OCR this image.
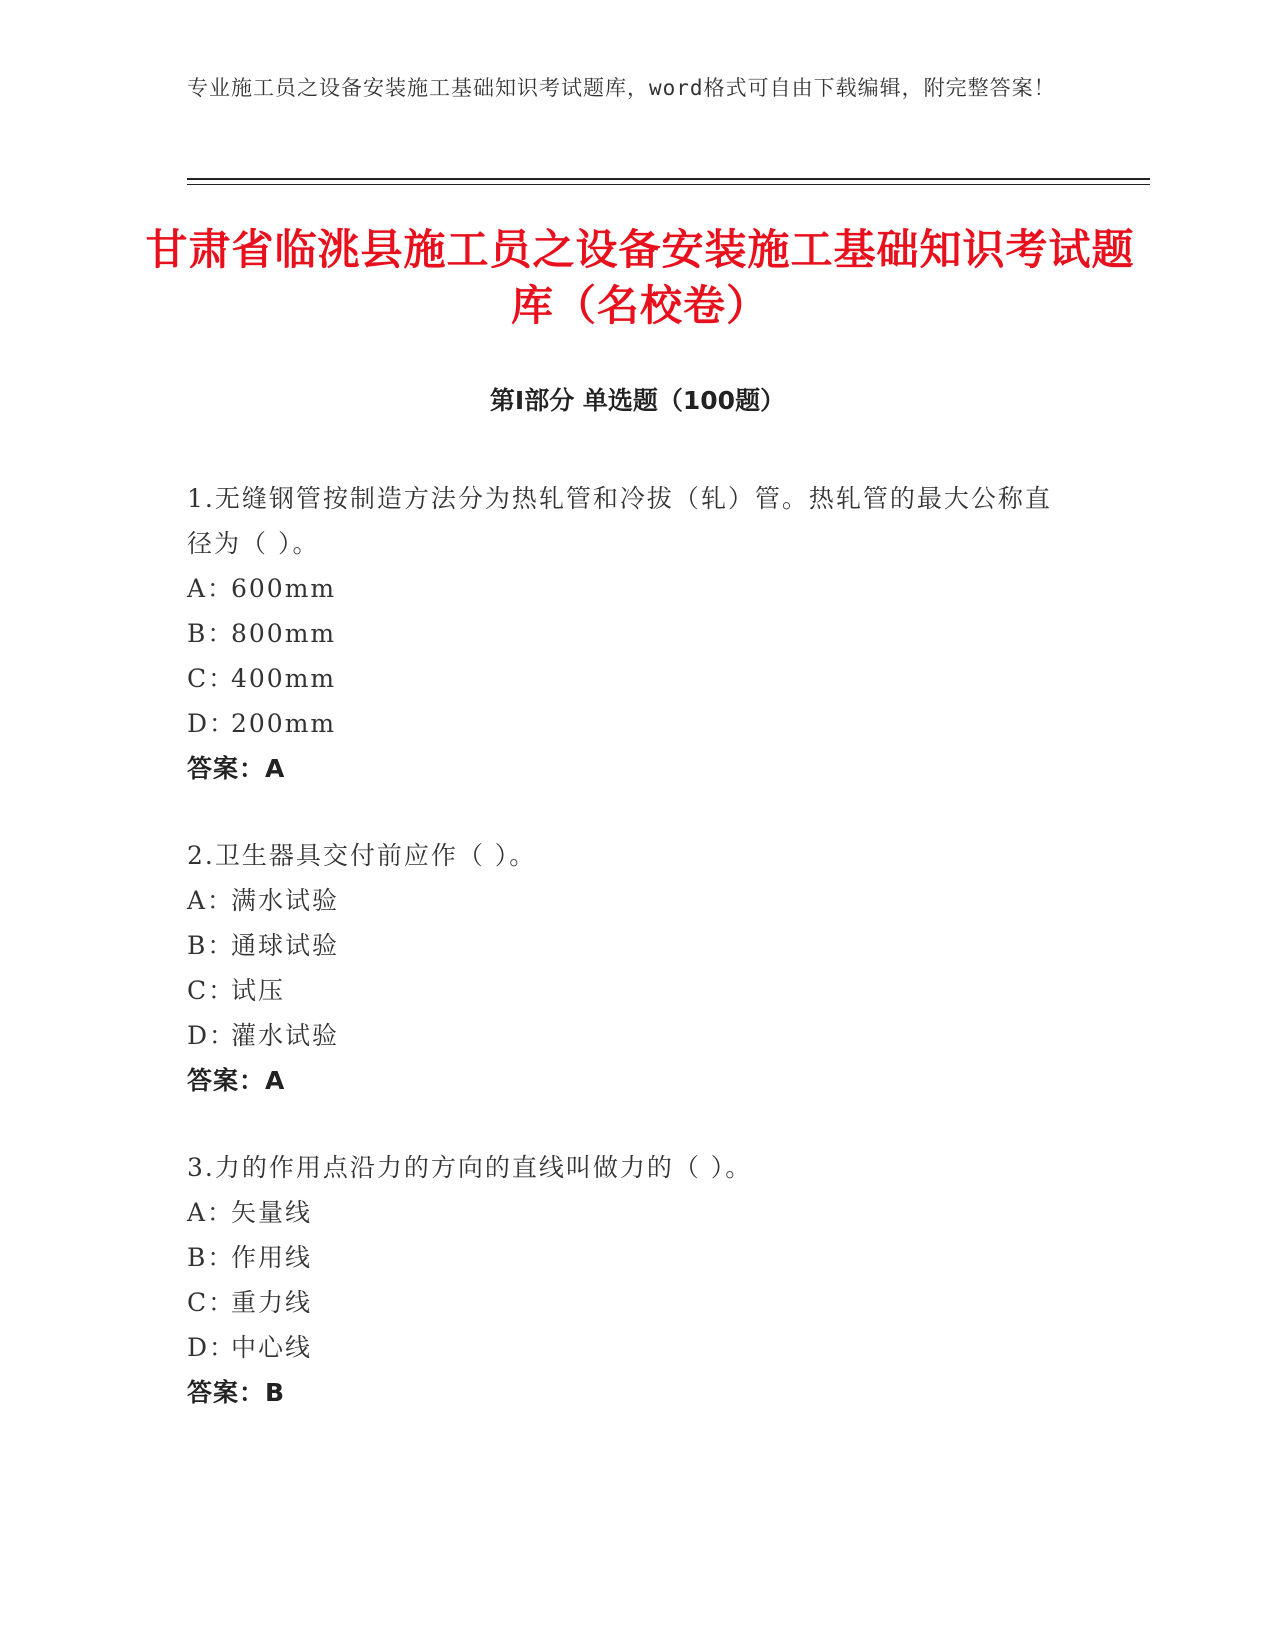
专业施工员之设备安装施工基础知识考试题库，word格式可自由下载编辑，附完整答案！
甘肃省临洮县施工员之设备安装施工基础知识考试题库（名校卷）
第Ⅰ部分 单选题（100题）
1.无缝钢管按制造方法分为热轧管和冷拔（轧）管。热轧管的最大公称直径为（ ）。
A：600mm
B：800mm
C：400mm
D：200mm
答案：A
2.卫生器具交付前应作（ ）。
A：满水试验
B：通球试验
C：试压
D：灌水试验
答案：A
3.力的作用点沿力的方向的直线叫做力的（ ）。
A：矢量线
B：作用线
C：重力线
D：中心线
答案：B
